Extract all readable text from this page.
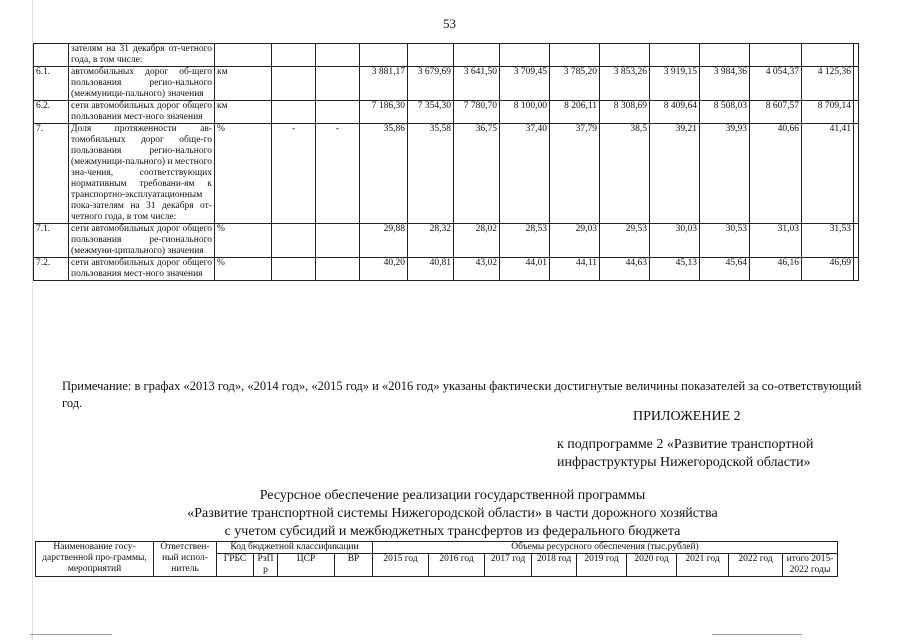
53
	зателям на 31 декабря от-четного года, в том числе:														
6.1.	автомобильных дорог об-щего пользования регио-нального (межмуници-пального) значения	км			3 881,17	3 679,69	3 641,50	3 709,45	3 785,20	3 853,26	3 919,15	3 984,36	4 054,37	4 125,36	
6.2.	сети автомобильных дорог общего пользования мест-ного значения	км			7 186,30	7 354,30	7 780,70	8 100,00	8 206,11	8 308,69	8 409,64	8 508,03	8 607,57	8 709,14	
7.	Доля протяженности ав-томобильных дорог обще-го пользования регио-нального (межмуници-пального) и местного зна-чения, соответствующих нормативным требовани-ям к транспортно-эксплуатационным пока-зателям на 31 декабря от-четного года, в том числе:	%	-	-	35,86	35,58	36,75	37,40	37,79	38,5	39,21	39,93	40,66	41,41	
7.1.	сети автомобильных дорог общего пользования ре-гионального (межмуни-ципального) значения	%			29,88	28,32	28,02	28,53	29,03	29,53	30,03	30,53	31,03	31,53	
7.2.	сети автомобильных дорог общего пользования мест-ного значения	%			40,20	40,81	43,02	44,01	44,11	44,63	45,13	45,64	46,16	46,69	
Примечание: в графах «2013 год», «2014 год», «2015 год» и «2016 год» указаны фактически достигнутые величины показателей за со-ответствующий год.
ПРИЛОЖЕНИЕ 2
к подпрограмме 2 «Развитие транспортной
инфраструктуры Нижегородской области»
Ресурсное обеспечение реализации государственной программы
«Развитие транспортной системы Нижегородской области» в части дорожного хозяйства
с учетом субсидий и межбюджетных трансфертов из федерального бюджета
Наименование госу-дарственной про-граммы, мероприятий	Ответствен-ный испол-нитель	Код бюджетной классификации				Объемы ресурсного обеспечения (тыс.рублей)								
		ГРБС	РзП р	ЦСР	ВР	2015 год	2016 год	2017 год	2018 год	2019 год	2020 год	2021 год	2022 год	итого 2015-2022 годы
